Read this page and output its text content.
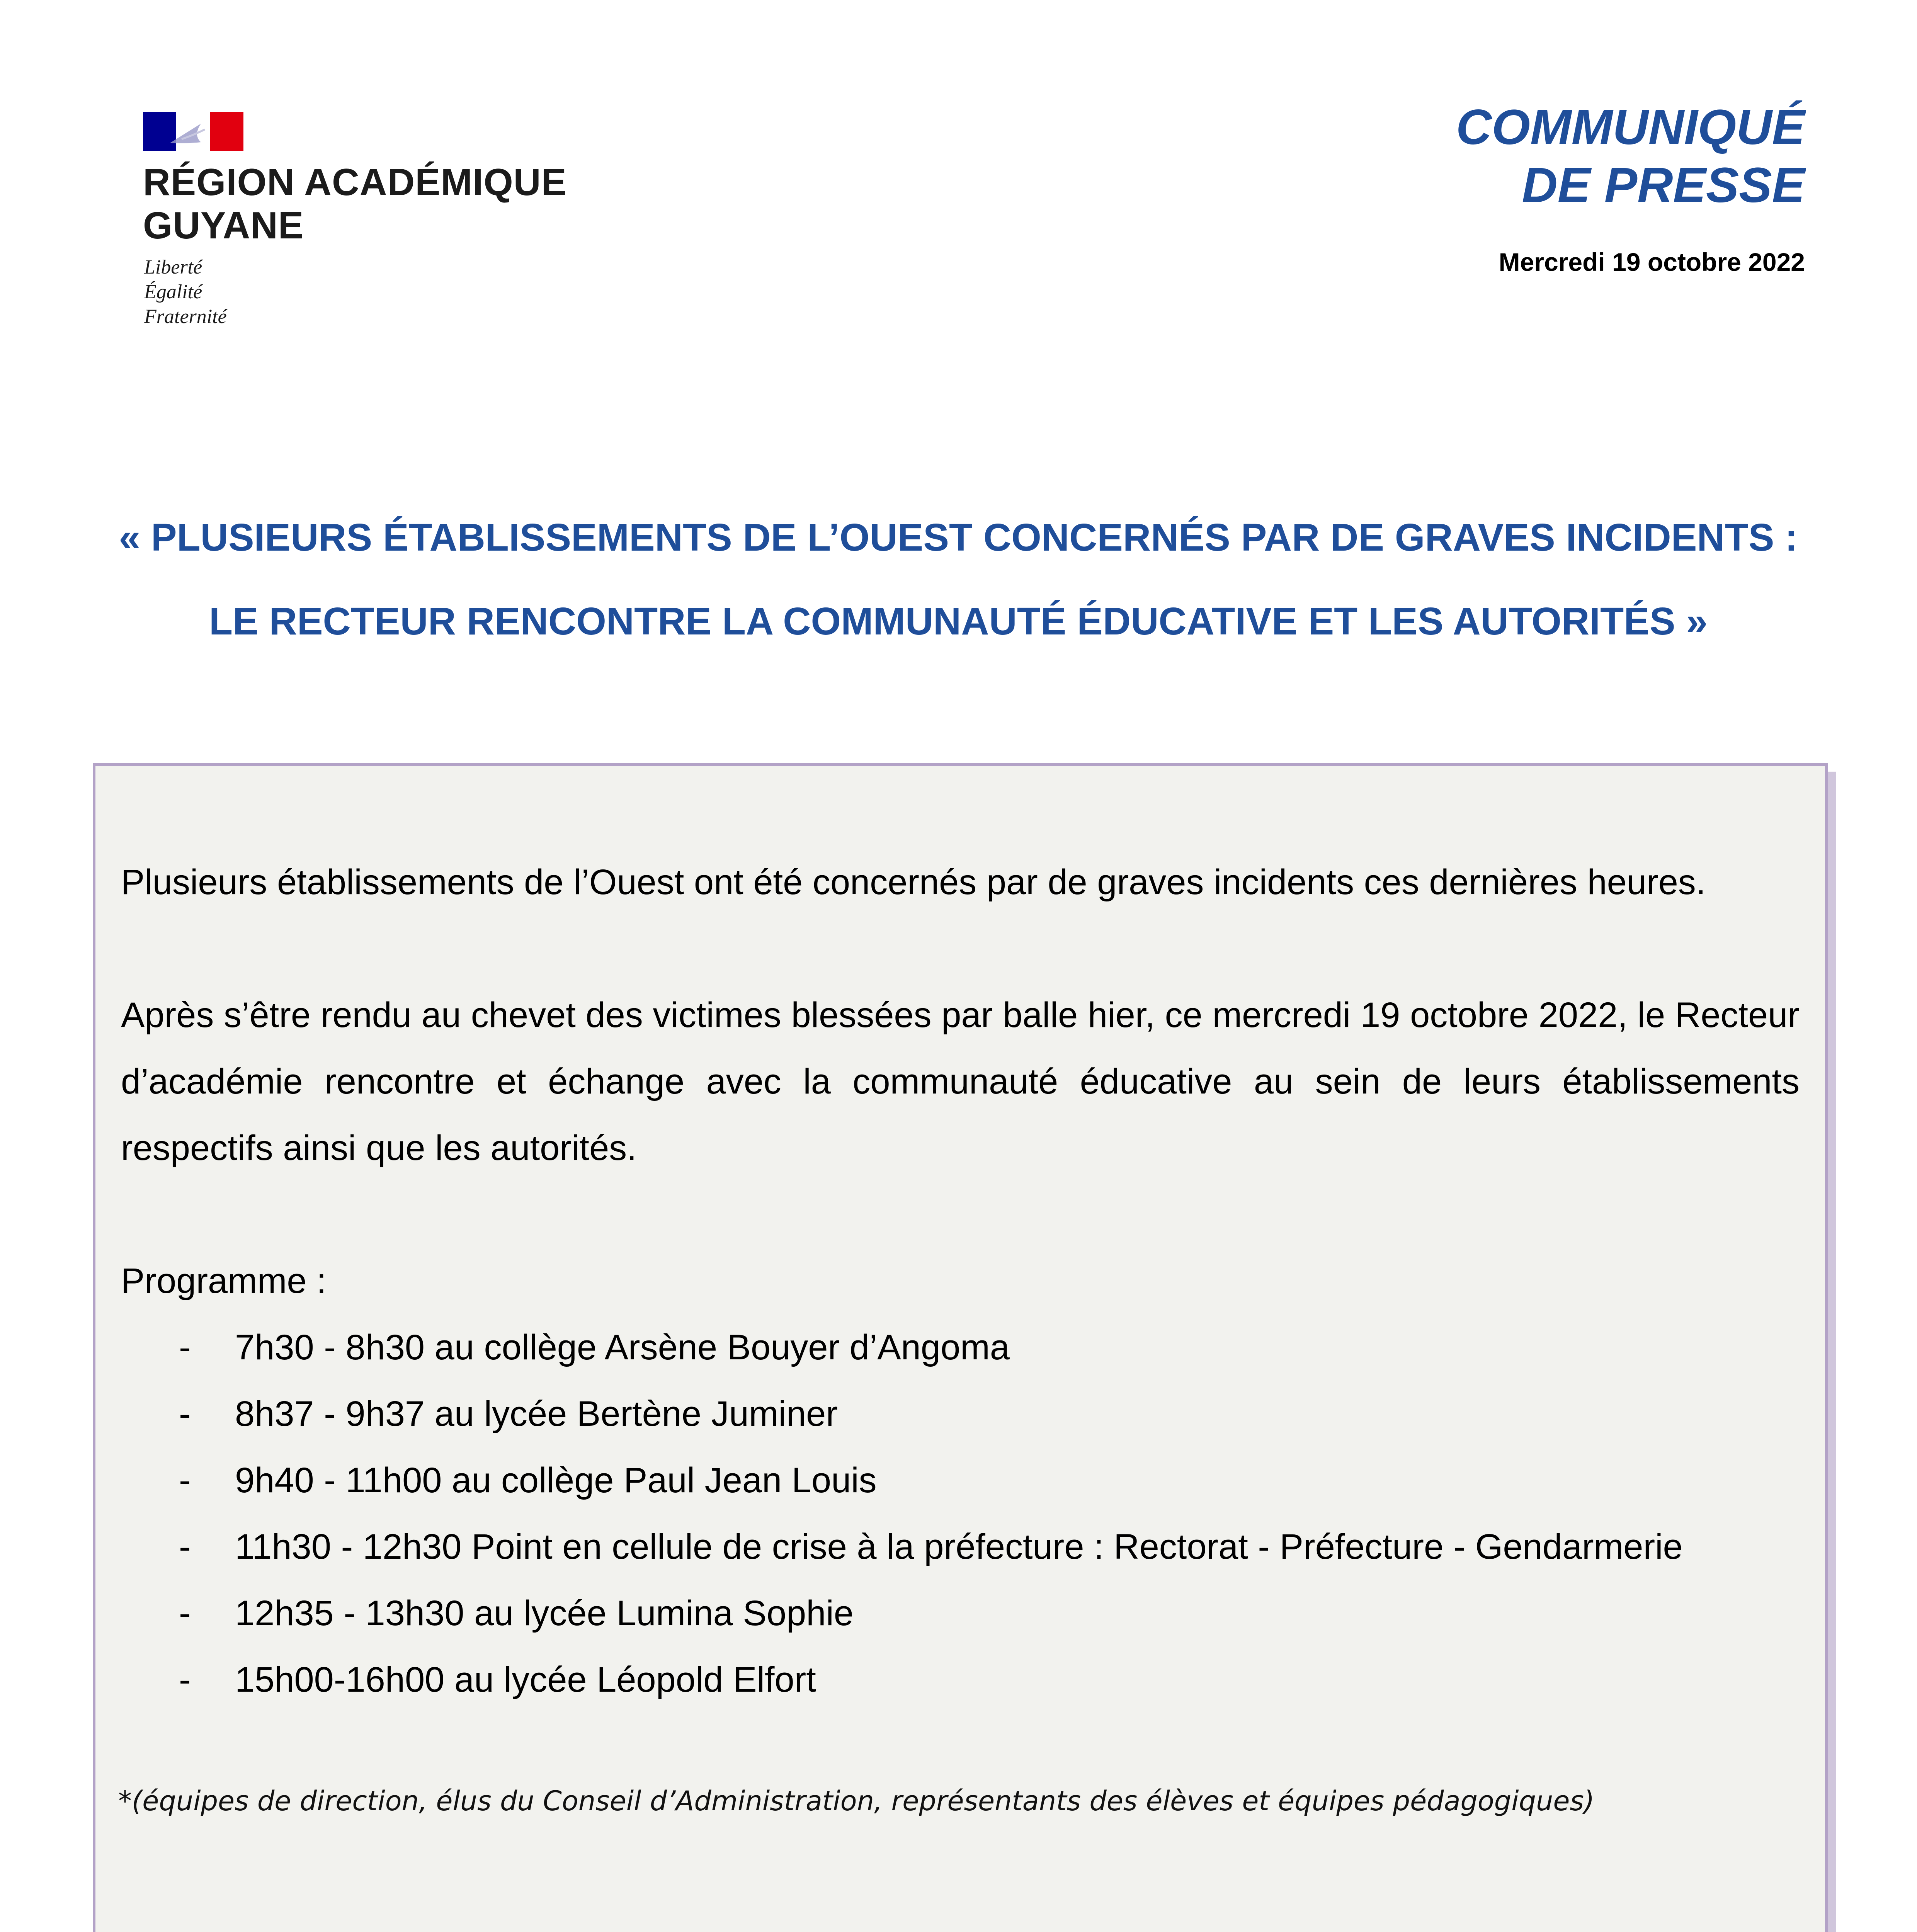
RÉGION ACADÉMIQUE
GUYANE
Liberté
Égalité
Fraternité
COMMUNIQUÉ
DE PRESSE
Mercredi 19 octobre 2022
« PLUSIEURS ÉTABLISSEMENTS DE L’OUEST CONCERNÉS PAR DE GRAVES INCIDENTS :
LE RECTEUR RENCONTRE LA COMMUNAUTÉ ÉDUCATIVE ET LES AUTORITÉS »

Plusieurs établissements de l’Ouest ont été concernés par de graves incidents ces dernières heures.

Après s’être rendu au chevet des victimes blessées par balle hier, ce mercredi 19 octobre 2022, le Recteur d’académie rencontre et échange avec la communauté éducative au sein de leurs établissements respectifs ainsi que les autorités.

Programme :

- 7h30 - 8h30 au collège Arsène Bouyer d’Angoma
- 8h37 - 9h37 au lycée Bertène Juminer
- 9h40 - 11h00 au collège Paul Jean Louis
- 11h30 - 12h30 Point en cellule de crise à la préfecture : Rectorat - Préfecture - Gendarmerie
- 12h35 - 13h30 au lycée Lumina Sophie
- 15h00-16h00 au lycée Léopold Elfort
*(équipes de direction, élus du Conseil d’Administration, représentants des élèves et équipes pédagogiques)
